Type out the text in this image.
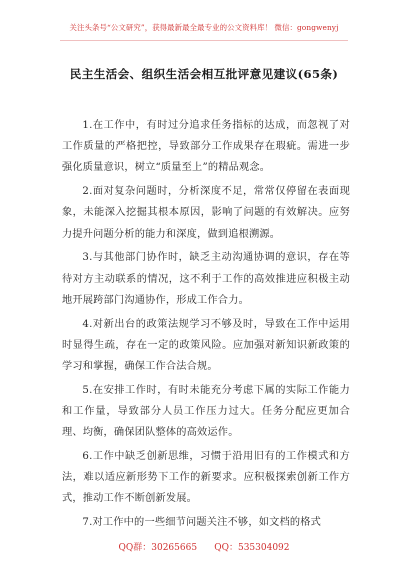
关注头条号“公文研究”，获得最新最全最专业的公文资料库！ 微信：gongwenyj
民主生活会、组织生活会相互批评意见建议(65条)

1.在工作中，有时过分追求任务指标的达成，而忽视了对工作质量的严格把控，导致部分工作成果存在瑕疵。需进一步强化质量意识，树立“质量至上”的精品观念。

2.面对复杂问题时，分析深度不足，常常仅停留在表面现象，未能深入挖掘其根本原因，影响了问题的有效解决。应努力提升问题分析的能力和深度，做到追根溯源。

3.与其他部门协作时，缺乏主动沟通协调的意识，存在等待对方主动联系的情况，这不利于工作的高效推进应积极主动地开展跨部门沟通协作，形成工作合力。

4.对新出台的政策法规学习不够及时，导致在工作中运用时显得生疏，存在一定的政策风险。应加强对新知识新政策的学习和掌握，确保工作合法合规。

5.在安排工作时，有时未能充分考虑下属的实际工作能力和工作量，导致部分人员工作压力过大。任务分配应更加合理、均衡，确保团队整体的高效运作。

6.工作中缺乏创新思维，习惯于沿用旧有的工作模式和方法，难以适应新形势下工作的新要求。应积极探索创新工作方式，推动工作不断创新发展。

7.对工作中的一些细节问题关注不够，如文档的格式

QQ群：30265665      QQ：535304092
